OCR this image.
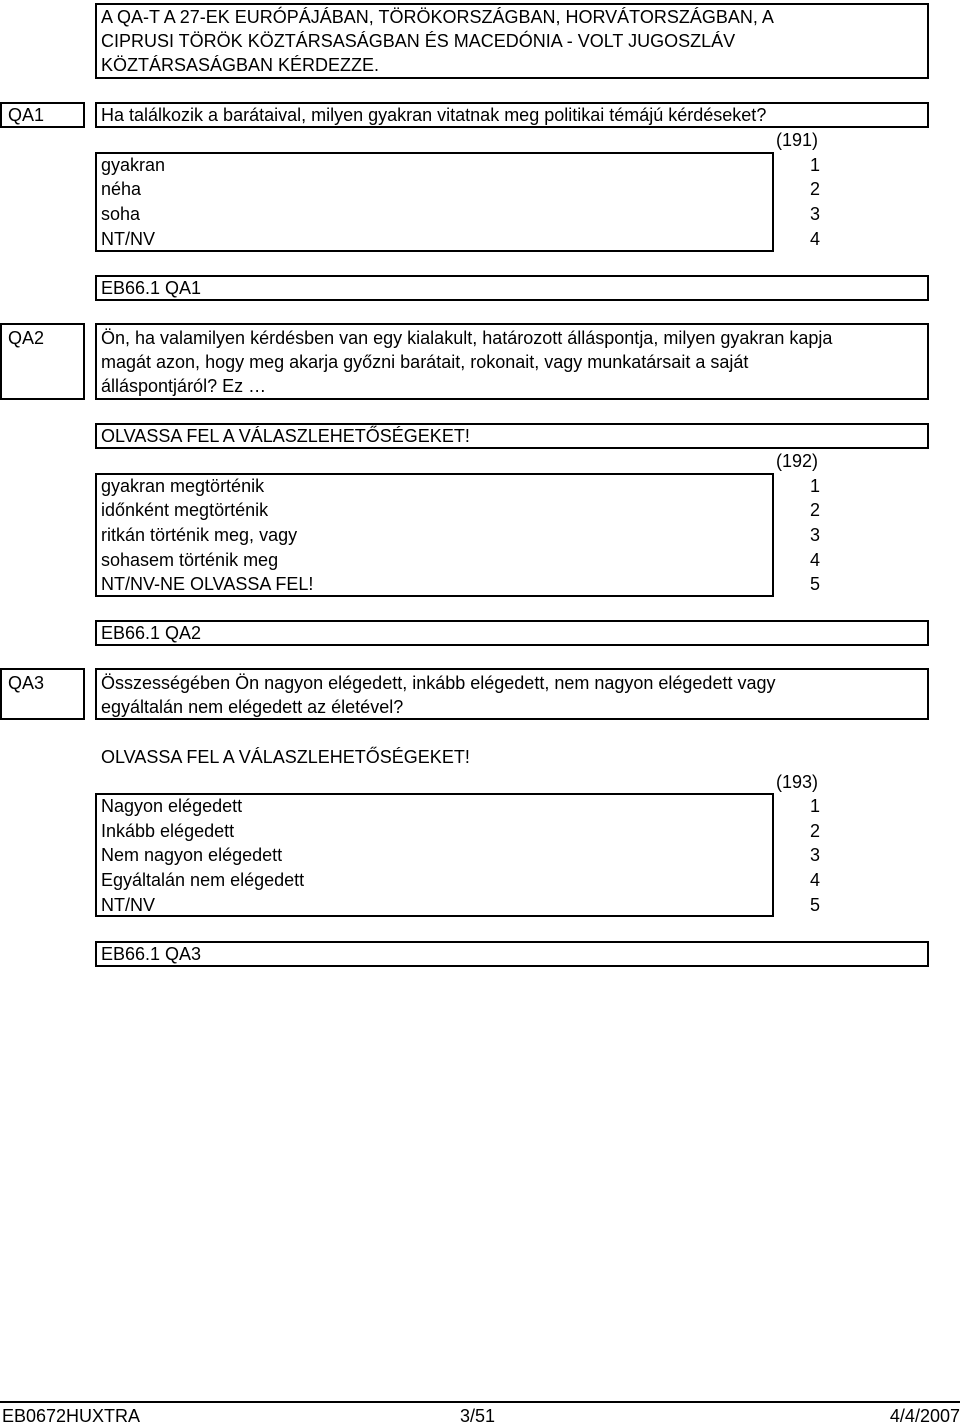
A QA-T A 27-EK EURÓPÁJÁBAN, TÖRÖKORSZÁGBAN, HORVÁTORSZÁGBAN, A
CIPRUSI TÖRÖK KÖZTÁRSASÁGBAN ÉS MACEDÓNIA - VOLT JUGOSZLÁV
KÖZTÁRSASÁGBAN KÉRDEZZE.
QA1	Ha találkozik a barátaival, milyen gyakran vitatnak meg politikai témájú kérdéseket?
(191)
gyakran	1
néha	2
soha	3
NT/NV	4
EB66.1 QA1
QA2	Ön, ha valamilyen kérdésben van egy kialakult, határozott álláspontja, milyen gyakran kapja
magát azon, hogy meg akarja győzni barátait, rokonait, vagy munkatársait a saját
álláspontjáról? Ez …
OLVASSA FEL A VÁLASZLEHETŐSÉGEKET!
(192)
gyakran megtörténik	1
időnként megtörténik	2
ritkán történik meg, vagy	3
sohasem történik meg	4
NT/NV-NE OLVASSA FEL!	5
EB66.1 QA2
QA3	Összességében Ön nagyon elégedett, inkább elégedett, nem nagyon elégedett vagy
egyáltalán nem elégedett az életével?
OLVASSA FEL A VÁLASZLEHETŐSÉGEKET!
(193)
Nagyon elégedett	1
Inkább elégedett	2
Nem nagyon elégedett	3
Egyáltalán nem elégedett	4
NT/NV	5
EB66.1 QA3
EB0672HUXTRA	3/51	4/4/2007
